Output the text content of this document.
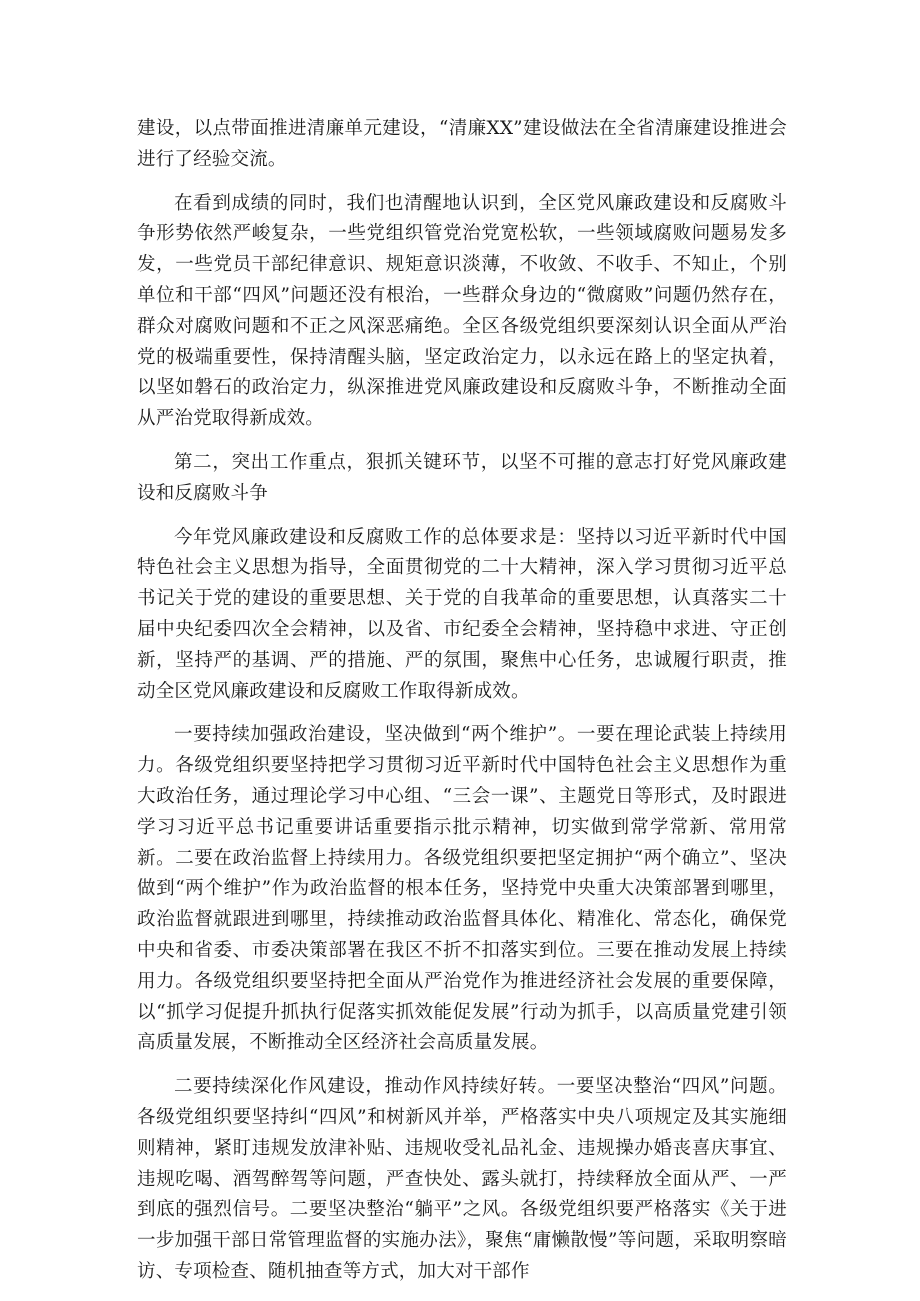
建设，以点带面推进清廉单元建设，“清廉XX”建设做法在全省清廉建设推进会进行了经验交流。

在看到成绩的同时，我们也清醒地认识到，全区党风廉政建设和反腐败斗争形势依然严峻复杂，一些党组织管党治党宽松软，一些领域腐败问题易发多发，一些党员干部纪律意识、规矩意识淡薄，不收敛、不收手、不知止，个别单位和干部“四风”问题还没有根治，一些群众身边的“微腐败”问题仍然存在，群众对腐败问题和不正之风深恶痛绝。全区各级党组织要深刻认识全面从严治党的极端重要性，保持清醒头脑，坚定政治定力，以永远在路上的坚定执着，以坚如磐石的政治定力，纵深推进党风廉政建设和反腐败斗争，不断推动全面从严治党取得新成效。

第二，突出工作重点，狠抓关键环节，以坚不可摧的意志打好党风廉政建设和反腐败斗争

今年党风廉政建设和反腐败工作的总体要求是：坚持以习近平新时代中国特色社会主义思想为指导，全面贯彻党的二十大精神，深入学习贯彻习近平总书记关于党的建设的重要思想、关于党的自我革命的重要思想，认真落实二十届中央纪委四次全会精神，以及省、市纪委全会精神，坚持稳中求进、守正创新，坚持严的基调、严的措施、严的氛围，聚焦中心任务，忠诚履行职责，推动全区党风廉政建设和反腐败工作取得新成效。

一要持续加强政治建设，坚决做到“两个维护”。一要在理论武装上持续用力。各级党组织要坚持把学习贯彻习近平新时代中国特色社会主义思想作为重大政治任务，通过理论学习中心组、“三会一课”、主题党日等形式，及时跟进学习习近平总书记重要讲话重要指示批示精神，切实做到常学常新、常用常新。二要在政治监督上持续用力。各级党组织要把坚定拥护“两个确立”、坚决做到“两个维护”作为政治监督的根本任务，坚持党中央重大决策部署到哪里，政治监督就跟进到哪里，持续推动政治监督具体化、精准化、常态化，确保党中央和省委、市委决策部署在我区不折不扣落实到位。三要在推动发展上持续用力。各级党组织要坚持把全面从严治党作为推进经济社会发展的重要保障，以“抓学习促提升抓执行促落实抓效能促发展”行动为抓手，以高质量党建引领高质量发展，不断推动全区经济社会高质量发展。

二要持续深化作风建设，推动作风持续好转。一要坚决整治“四风”问题。各级党组织要坚持纠“四风”和树新风并举，严格落实中央八项规定及其实施细则精神，紧盯违规发放津补贴、违规收受礼品礼金、违规操办婚丧喜庆事宜、违规吃喝、酒驾醉驾等问题，严查快处、露头就打，持续释放全面从严、一严到底的强烈信号。二要坚决整治“躺平”之风。各级党组织要严格落实《关于进一步加强干部日常管理监督的实施办法》，聚焦“庸懒散慢”等问题，采取明察暗访、专项检查、随机抽查等方式，加大对干部作
